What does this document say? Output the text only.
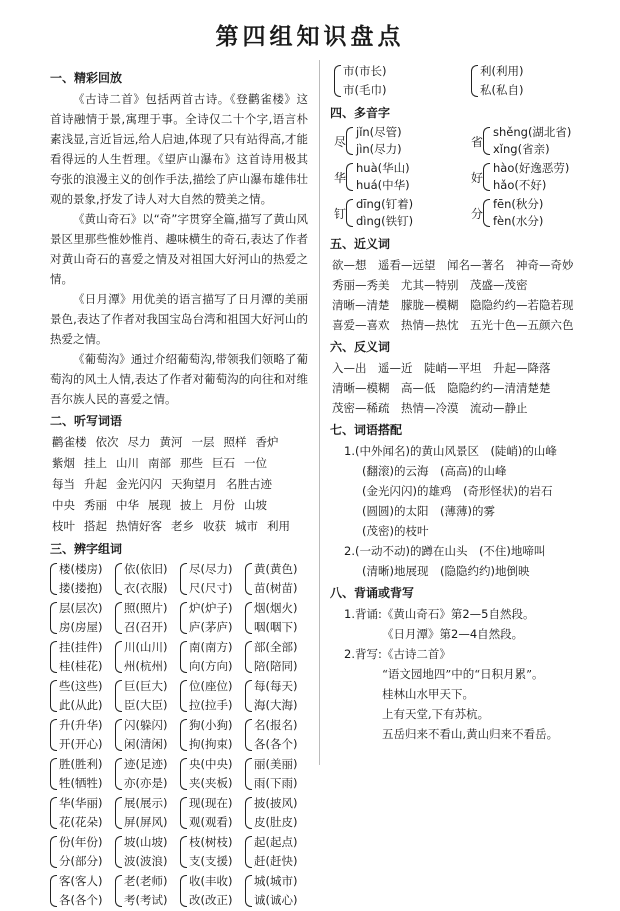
第四组知识盘点
一、精彩回放
《古诗二首》包括两首古诗。《登鹳雀楼》这首诗融情于景,寓理于事。全诗仅二十个字,语言朴素浅显,言近旨远,给人启迪,体现了只有站得高,才能看得远的人生哲理。《望庐山瀑布》这首诗用极其夸张的浪漫主义的创作手法,描绘了庐山瀑布雄伟壮观的景象,抒发了诗人对大自然的赞美之情。
《黄山奇石》以“奇”字贯穿全篇,描写了黄山风景区里那些惟妙惟肖、趣味横生的奇石,表达了作者对黄山奇石的喜爱之情及对祖国大好河山的热爱之情。
《日月潭》用优美的语言描写了日月潭的美丽景色,表达了作者对我国宝岛台湾和祖国大好河山的热爱之情。
《葡萄沟》通过介绍葡萄沟,带领我们领略了葡萄沟的风土人情,表达了作者对葡萄沟的向往和对维吾尔族人民的喜爱之情。
二、听写词语
鹳雀楼 依次 尽力 黄河 一层 照样 香炉
紫烟 挂上 山川 南部 那些 巨石 一位
每当 升起 金光闪闪 天狗望月 名胜古迹
中央 秀丽 中华 展现 披上 月份 山坡
枝叶 搭起 热情好客 老乡 收获 城市 利用
三、辨字组词
楼(楼房)
搂(搂抱)
依(依旧)
衣(衣服)
尽(尽力)
尺(尺寸)
黄(黄色)
苗(树苗)
层(层次)
房(房屋)
照(照片)
召(召开)
炉(炉子)
庐(茅庐)
烟(烟火)
咽(咽下)
挂(挂件)
桂(桂花)
川(山川)
州(杭州)
南(南方)
向(方向)
部(全部)
陪(陪同)
些(这些)
此(从此)
巨(巨大)
臣(大臣)
位(座位)
拉(拉手)
每(每天)
海(大海)
升(升华)
开(开心)
闪(躲闪)
闲(清闲)
狗(小狗)
拘(拘束)
名(报名)
各(各个)
胜(胜利)
牲(牺牲)
迹(足迹)
亦(亦是)
央(中央)
夹(夹板)
丽(美丽)
雨(下雨)
华(华丽)
花(花朵)
展(展示)
屏(屏风)
现(现在)
观(观看)
披(披风)
皮(肚皮)
份(年份)
分(部分)
坡(山坡)
波(波浪)
枝(树枝)
支(支援)
起(起点)
赶(赶快)
客(客人)
各(各个)
老(老师)
考(考试)
收(丰收)
改(改正)
城(城市)
诚(诚心)
市(市长)
市(毛巾)
利(利用)
私(私自)
四、多音字
尽
jǐn(尽管)
jìn(尽力)
省
shěng(湖北省)
xǐng(省亲)
华
huà(华山)
huá(中华)
好
hào(好逸恶劳)
hǎo(不好)
钉
dīng(钉着)
dìng(铁钉)
分
fēn(秋分)
fèn(水分)
五、近义词
欲—想　遥看—远望　闻名—著名　神奇—奇妙
秀丽—秀美　尤其—特别　茂盛—茂密
清晰—清楚　朦胧—模糊　隐隐约约—若隐若现
喜爱—喜欢　热情—热忱　五光十色—五颜六色
六、反义词
入—出　遥—近　陡峭—平坦　升起—降落
清晰—模糊　高—低　隐隐约约—清清楚楚
茂密—稀疏　热情—冷漠　流动—静止
七、词语搭配
1.(中外闻名)的黄山风景区　(陡峭)的山峰
(翻滚)的云海　(高高)的山峰
(金光闪闪)的雄鸡　(奇形怪状)的岩石
(圆圆)的太阳　(薄薄)的雾
(茂密)的枝叶
2.(一动不动)的蹲在山头　(不住)地啼叫
(清晰)地展现　(隐隐约约)地倒映
八、背诵或背写
1.背诵:《黄山奇石》第2—5自然段。
《日月潭》第2—4自然段。
2.背写:《古诗二首》
“语文园地四”中的“日积月累”。
桂林山水甲天下。
上有天堂,下有苏杭。
五岳归来不看山,黄山归来不看岳。
